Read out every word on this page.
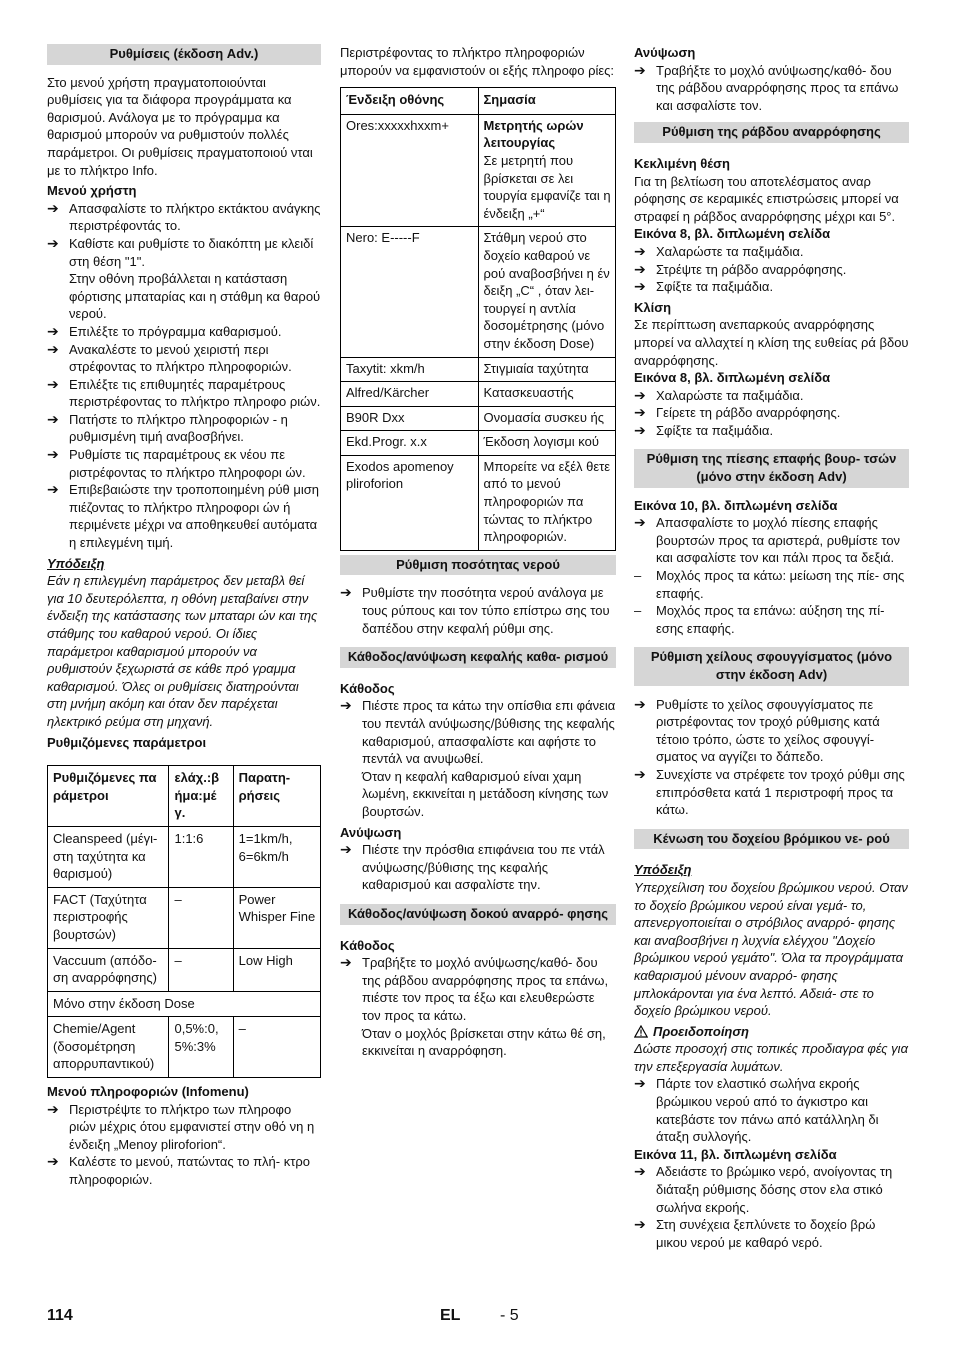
Ρυθμίσεις (έκδοση Adv.)

Στο μενού χρήστη πραγματοποιούνται ρυθμίσεις για τα διάφορα προγράμματα κα θαρισμού. Ανάλογα με το πρόγραμμα κα θαρισμού μπορούν να ρυθμιστούν πολλές παράμετροι. Οι ρυθμίσεις πραγματοποιού νται με το πλήκτρο Info.

Μενού χρήστη

➔ Απασφαλίστε το πλήκτρο εκτάκτου ανάγκης περιστρέφοντάς το.
➔ Καθίστε και ρυθμίστε το διακόπτη με κλειδί στη θέση "1".
Στην οθόνη προβάλλεται η κατάσταση φόρτισης μπαταρίας και η στάθμη κα θαρού νερού.
➔ Επιλέξτε το πρόγραμμα καθαρισμού.
➔ Ανακαλέστε το μενού χειριστή περι στρέφοντας το πλήκτρο πληροφοριών.
➔ Επιλέξτε τις επιθυμητές παραμέτρους περιστρέφοντας το πλήκτρο πληροφο ριών.
➔ Πατήστε το πλήκτρο πληροφοριών - η ρυθμισμένη τιμή αναβοσβήνει.
➔ Ρυθμίστε τις παραμέτρους εκ νέου πε ριστρέφοντας το πλήκτρο πληροφορι ών.
➔ Επιβεβαιώστε την τροποποιημένη ρύθ μιση πιέζοντας το πλήκτρο πληροφορι ών ή περιμένετε μέχρι να αποθηκευθεί αυτόματα η επιλεγμένη τιμή.

Υπόδειξη

Εάν η επιλεγμένη παράμετρος δεν μεταβλ θεί για 10 δευτερόλεπτα, η οθόνη μεταβαίνει στην ένδειξη της κατάστασης των μπαταρι ών και της στάθμης του καθαρού νερού. Οι ίδιες παράμετροι καθαρισμού μπορούν να ρυθμιστούν ξεχωριστά σε κάθε πρό γραμμα καθαρισμού. Όλες οι ρυθμίσεις διατηρούνται στη μνήμη ακόμη και όταν δεν παρέχεται ηλεκτρικό ρεύμα στη μηχανή.

Ρυθμιζόμενες παράμετροι

Ρυθμιζόμενες πα ράμετροι	ελάχ.:β ήμα:μέ γ.	Παρατη- ρήσεις
Cleanspeed (μέγι- στη ταχύτητα κα θαρισμού)	1:1:6	1=1km/h, 6=6km/h
FACT (Ταχύτητα περιστροφής βουρτσών)	–	Power Whisper Fine
Vaccuum (απόδο- ση αναρρόφησης)	–	Low High
Μόνο στην έκδοση Dose		
Chemie/Agent (δοσομέτρηση απορρυπαντικού)	0,5%:0, 5%:3%	–

Μενού πληροφοριών (Infomenu)

➔ Περιστρέψτε το πλήκτρο των πληροφο ριών μέχρις ότου εμφανιστεί στην οθό νη η ένδειξη „Menoy pliroforion“.
➔ Καλέστε το μενού, πατώντας το πλή- κτρο πληροφοριών.

Περιστρέφοντας το πλήκτρο πληροφοριών μπορούν να εμφανιστούν οι εξής πληροφο ρίες:

Ένδειξη οθόνης	Σημασία
Ores:xxxxxhxxm+	Μετρητής ωρών λειτουργίας
Σε μετρητή που βρίσκεται σε λει τουργία εμφανίζε ται η ένδειξη „+“
Nero: E-----F	Στάθμη νερού στο δοχείο καθαρού νε ρού αναβοσβήνει η έν δειξη „C“ , όταν λει- τουργεί η αντλία δοσομέτρησης (μόνο στην έκδοση Dose)
Taxytit: xkm/h	Στιγμιαία ταχύτητα
Alfred/Kärcher	Κατασκευαστής
B90R Dxx	Ονομασία συσκευ ής
Ekd.Progr. x.x	Έκδοση λογισμι κού
Exodos apomenoy pliroforion	Μπορείτε να εξέλ θετε από το μενού πληροφοριών πα τώντας το πλήκτρο πληροφοριών.
Ρύθμιση ποσότητας νερού
➔ Ρυθμίστε την ποσότητα νερού ανάλογα με τους ρύπους και τον τύπο επίστρω σης του δαπέδου στην κεφαλή ρύθμι σης.
Κάθοδος/ανύψωση κεφαλής καθα- ρισμού

Κάθοδος

➔ Πιέστε προς τα κάτω την οπίσθια επι φάνεια του πεντάλ ανύψωσης/βύθισης της κεφαλής καθαρισμού, απασφαλίστε και αφήστε το πεντάλ να ανυψωθεί.
Όταν η κεφαλή καθαρισμού είναι χαμη λωμένη, εκκινείται η μετάδοση κίνησης των βουρτσών.

Ανύψωση

➔ Πιέστε την πρόσθια επιφάνεια του πε ντάλ ανύψωσης/βύθισης της κεφαλής καθαρισμού και ασφαλίστε την.
Κάθοδος/ανύψωση δοκού αναρρό- φησης

Κάθοδος

➔ Τραβήξτε το μοχλό ανύψωσης/καθό- δου της ράβδου αναρρόφησης προς τα επάνω, πιέστε τον προς τα έξω και ελευθερώστε τον προς τα κάτω.
Όταν ο μοχλός βρίσκεται στην κάτω θέ ση, εκκινείται η αναρρόφηση.

Ανύψωση

➔ Τραβήξτε το μοχλό ανύψωσης/καθό- δου της ράβδου αναρρόφησης προς τα επάνω και ασφαλίστε τον.
Ρύθμιση της ράβδου αναρρόφησης

Κεκλιμένη θέση

Για τη βελτίωση του αποτελέσματος αναρ ρόφησης σε κεραμικές επιστρώσεις μπορεί να στραφεί η ράβδος αναρρόφησης μέχρι και 5°.

Εικόνα 8, βλ. διπλωμένη σελίδα

➔ Χαλαρώστε τα παξιμάδια.
➔ Στρέψτε τη ράβδο αναρρόφησης.
➔ Σφίξτε τα παξιμάδια.

Κλίση

Σε περίπτωση ανεπαρκούς αναρρόφησης μπορεί να αλλαχτεί η κλίση της ευθείας ρά βδου αναρρόφησης.

Εικόνα 8, βλ. διπλωμένη σελίδα

➔ Χαλαρώστε τα παξιμάδια.
➔ Γείρετε τη ράβδο αναρρόφησης.
➔ Σφίξτε τα παξιμάδια.
Ρύθμιση της πίεσης επαφής βουρ- τσών (μόνο στην έκδοση Adv)

Εικόνα 10, βλ. διπλωμένη σελίδα

➔ Απασφαλίστε το μοχλό πίεσης επαφής βουρτσών προς τα αριστερά, ρυθμίστε τον και ασφαλίστε τον και πάλι προς τα δεξιά.
–	Μοχλός προς τα κάτω: μείωση της πίε- σης επαφής.
–	Μοχλός προς τα επάνω: αύξηση της πί- εσης επαφής.
Ρύθμιση χείλους σφουγγίσματος (μόνο στην έκδοση Adv)
➔ Ρυθμίστε το χείλος σφουγγίσματος πε ριστρέφοντας τον τροχό ρύθμισης κατά τέτοιο τρόπο, ώστε το χείλος σφουγγί- σματος να αγγίζει το δάπεδο.
➔ Συνεχίστε να στρέφετε τον τροχό ρύθμι σης επιπρόσθετα κατά 1 περιστροφή προς τα κάτω.
Κένωση του δοχείου βρόμικου νε- ρού

Υπόδειξη

Υπερχείλιση του δοχείου βρώμικου νερού. Οταν το δοχείο βρώμικου νερού είναι γεμά- το, απενεργοποιείται ο στρόβιλος αναρρό- φησης και αναβοσβήνει η λυχνία ελέγχου "Δοχείο βρώμικου νερού γεμάτο". Όλα τα προγράμματα καθαρισμού μένουν αναρρό- φησης μπλοκάρονται για ένα λεπτό. Αδειά- στε το δοχείο βρώμικου νερού.

Προειδοποίηση

Δώστε προσοχή στις τοπικές προδιαγρα φές για την επεξεργασία λυμάτων.

➔ Πάρτε τον ελαστικό σωλήνα εκροής βρώμικου νερού από το άγκιστρο και κατεβάστε τον πάνω από κατάλληλη δι άταξη συλλογής.

Εικόνα 11, βλ. διπλωμένη σελίδα

➔ Αδειάστε το βρώμικο νερό, ανοίγοντας τη διάταξη ρύθμισης δόσης στον ελα στικό σωλήνα εκροής.
➔ Στη συνέχεια ξεπλύνετε το δοχείο βρώ μικου νερού με καθαρό νερό.
114	EL - 5
